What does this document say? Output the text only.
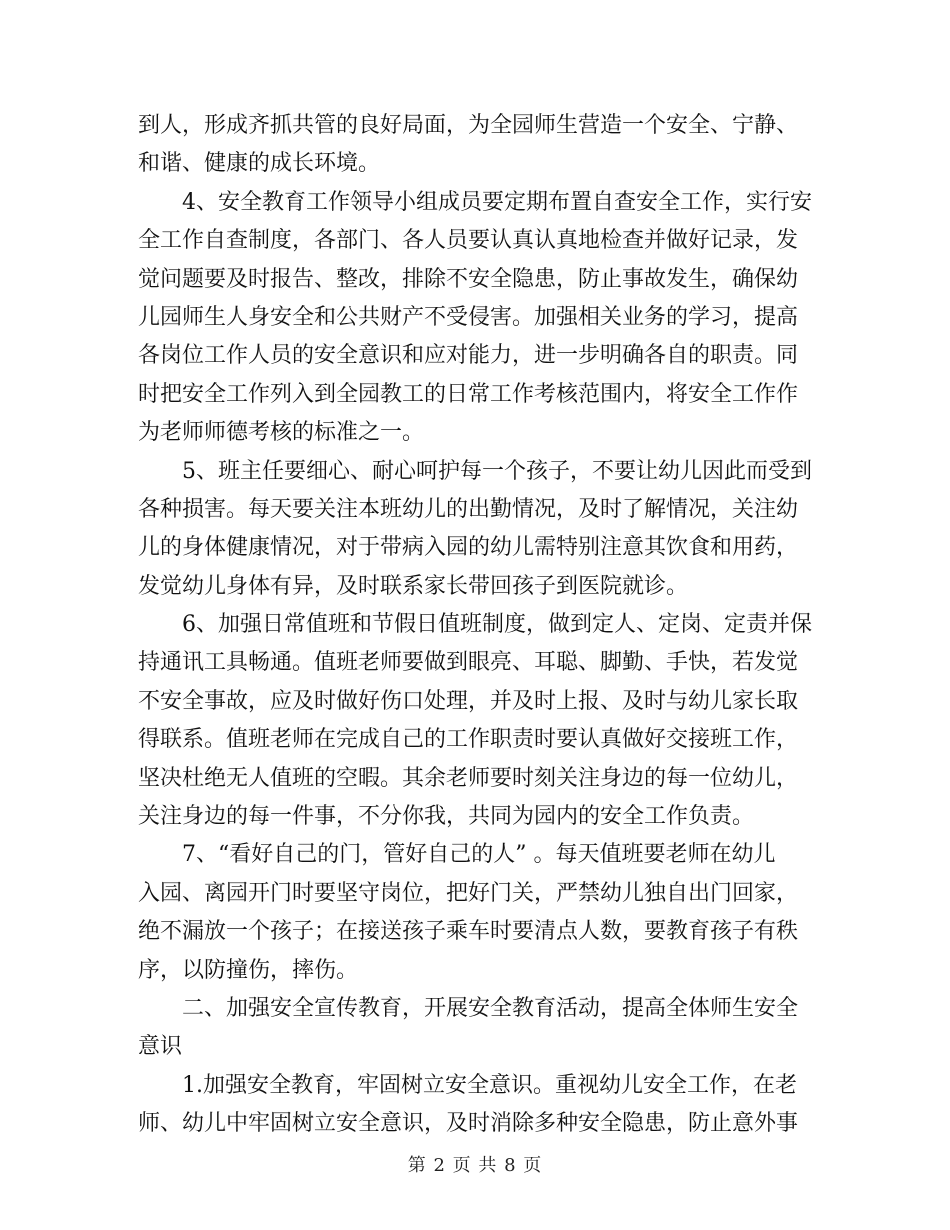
到人，形成齐抓共管的良好局面，为全园师生营造一个安全、宁静、
和谐、健康的成长环境。
4、安全教育工作领导小组成员要定期布置自查安全工作，实行安
全工作自查制度，各部门、各人员要认真认真地检查并做好记录，发
觉问题要及时报告、整改，排除不安全隐患，防止事故发生，确保幼
儿园师生人身安全和公共财产不受侵害。加强相关业务的学习，提高
各岗位工作人员的安全意识和应对能力，进一步明确各自的职责。同
时把安全工作列入到全园教工的日常工作考核范围内，将安全工作作
为老师师德考核的标准之一。
5、班主任要细心、耐心呵护每一个孩子，不要让幼儿因此而受到
各种损害。每天要关注本班幼儿的出勤情况，及时了解情况，关注幼
儿的身体健康情况，对于带病入园的幼儿需特别注意其饮食和用药，
发觉幼儿身体有异，及时联系家长带回孩子到医院就诊。
6、加强日常值班和节假日值班制度，做到定人、定岗、定责并保
持通讯工具畅通。值班老师要做到眼亮、耳聪、脚勤、手快，若发觉
不安全事故，应及时做好伤口处理，并及时上报、及时与幼儿家长取
得联系。值班老师在完成自己的工作职责时要认真做好交接班工作，
坚决杜绝无人值班的空暇。其余老师要时刻关注身边的每一位幼儿，
关注身边的每一件事，不分你我，共同为园内的安全工作负责。
7、“看好自己的门，管好自己的人” 。每天值班要老师在幼儿
入园、离园开门时要坚守岗位，把好门关，严禁幼儿独自出门回家，
绝不漏放一个孩子；在接送孩子乘车时要清点人数，要教育孩子有秩
序，以防撞伤，摔伤。
二、加强安全宣传教育，开展安全教育活动，提高全体师生安全
意识
1.加强安全教育，牢固树立安全意识。重视幼儿安全工作，在老
师、幼儿中牢固树立安全意识，及时消除多种安全隐患，防止意外事
第 2 页 共 8 页
